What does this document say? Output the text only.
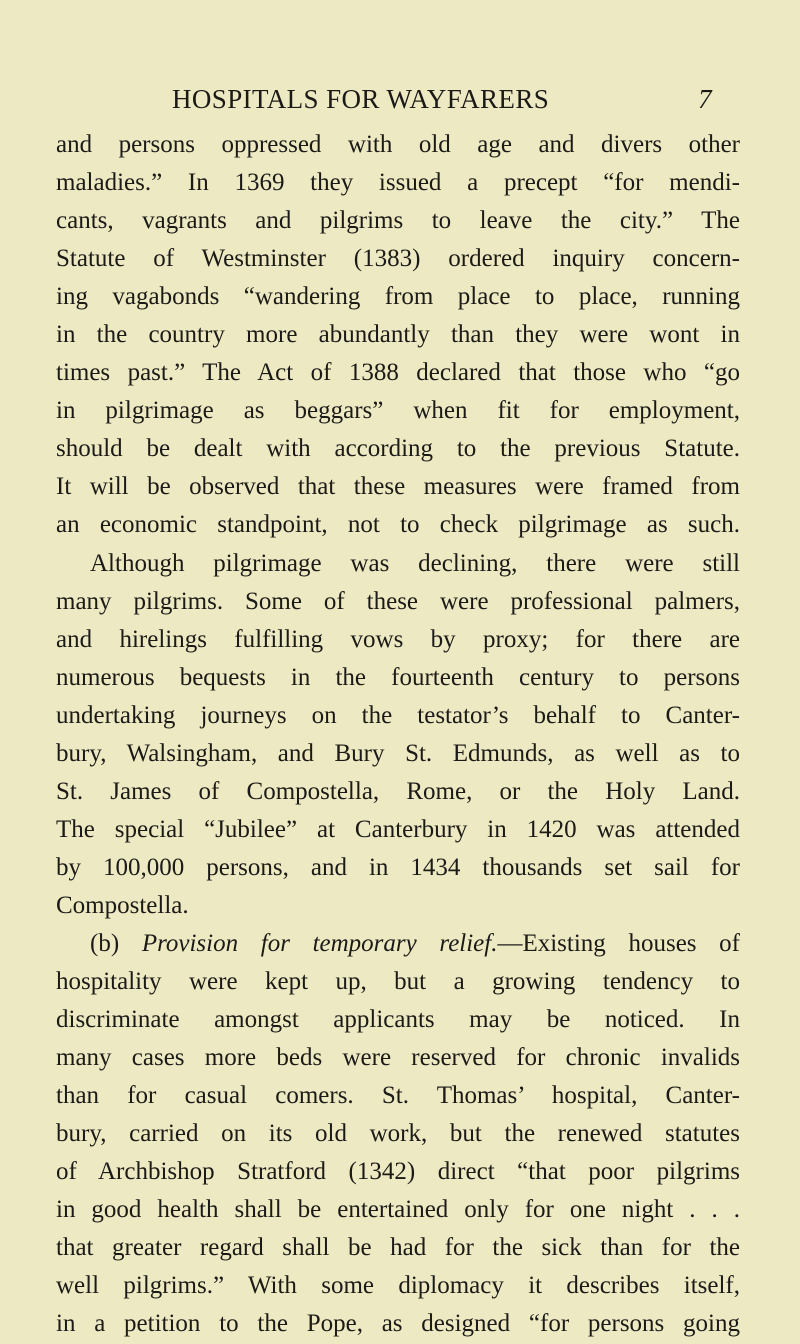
HOSPITALS FOR WAYFARERS	7
and persons oppressed with old age and divers other
maladies.” In 1369 they issued a precept “for mendi-
cants, vagrants and pilgrims to leave the city.” The
Statute of Westminster (1383) ordered inquiry concern-
ing vagabonds “wandering from place to place, running
in the country more abundantly than they were wont in
times past.” The Act of 1388 declared that those who “go
in pilgrimage as beggars” when fit for employment,
should be dealt with according to the previous Statute.
It will be observed that these measures were framed from
an economic standpoint, not to check pilgrimage as such.
Although pilgrimage was declining, there were still
many pilgrims. Some of these were professional palmers,
and hirelings fulfilling vows by proxy; for there are
numerous bequests in the fourteenth century to persons
undertaking journeys on the testator’s behalf to Canter-
bury, Walsingham, and Bury St. Edmunds, as well as to
St. James of Compostella, Rome, or the Holy Land.
The special “Jubilee” at Canterbury in 1420 was attended
by 100,000 persons, and in 1434 thousands set sail for
Compostella.
(b) Provision for temporary relief.—Existing houses of
hospitality were kept up, but a growing tendency to
discriminate amongst applicants may be noticed. In
many cases more beds were reserved for chronic invalids
than for casual comers. St. Thomas’ hospital, Canter-
bury, carried on its old work, but the renewed statutes
of Archbishop Stratford (1342) direct “that poor pilgrims
in good health shall be entertained only for one night . . .
that greater regard shall be had for the sick than for the
well pilgrims.” With some diplomacy it describes itself,
in a petition to the Pope, as designed “for persons going
